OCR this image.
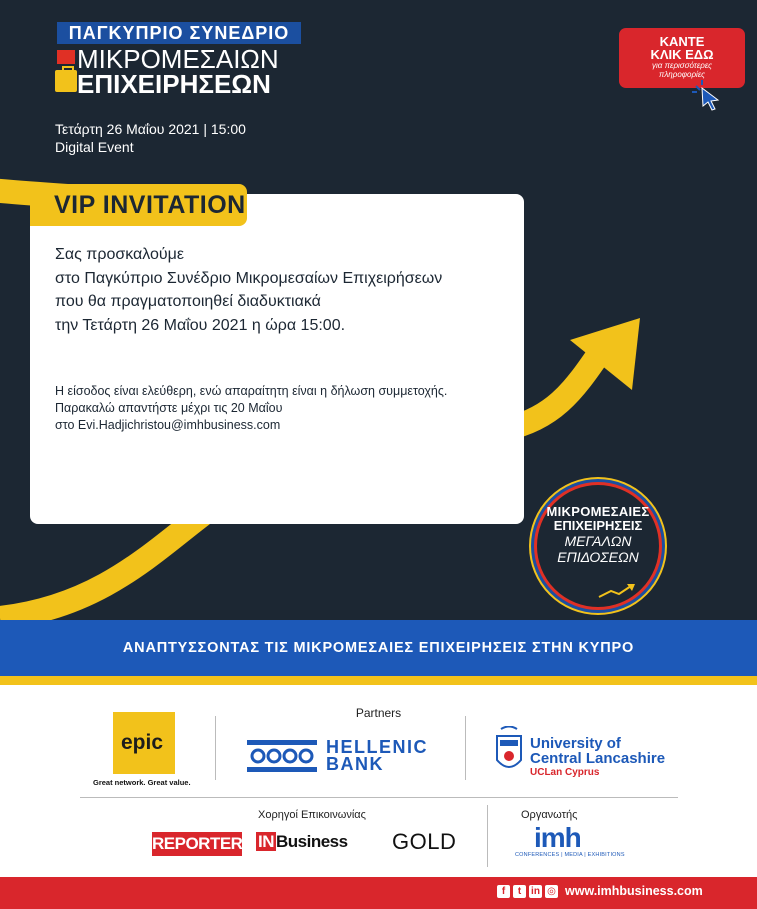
ΠΑΓΚΥΠΡΙΟ ΣΥΝΕΔΡΙΟ
ΜΙΚΡΟΜΕΣΑΙΩΝ
ΕΠΙΧΕΙΡΗΣΕΩΝ
Τετάρτη 26 Μαΐου 2021 | 15:00
Digital Event
ΚΑΝΤΕ
ΚΛΙΚ ΕΔΩ
για περισσότερες
πληροφορίες
VIP INVITATION
Σας προσκαλούμε
στο Παγκύπριο Συνέδριο Μικρομεσαίων Επιχειρήσεων
που θα πραγματοποιηθεί διαδυκτιακά
την Τετάρτη 26 Μαΐου 2021 η ώρα 15:00.
Η είσοδος είναι ελεύθερη, ενώ απαραίτητη είναι η δήλωση συμμετοχής.
Παρακαλώ απαντήστε μέχρι τις 20 Μαΐου
στο Evi.Hadjichristou@imhbusiness.com
ΜΙΚΡΟΜΕΣΑΙΕΣ
ΕΠΙΧΕΙΡΗΣΕΙΣ
ΜΕΓΑΛΩΝ
ΕΠΙΔΟΣΕΩΝ
ΑΝΑΠΤΥΣΣΟΝΤΑΣ ΤΙΣ ΜΙΚΡΟΜΕΣΑΙΕΣ ΕΠΙΧΕΙΡΗΣΕΙΣ ΣΤΗΝ ΚΥΠΡΟ
Partners
epic
Great network. Great value.
HELLENIC
BANK
University of
Central Lancashire
UCLan Cyprus
Χορηγοί Επικοινωνίας	Οργανωτής
REPORTER IN Business GOLD	imh
CONFERENCES | MEDIA | EXHIBITIONS
f	t in ◎ www.imhbusiness.com
